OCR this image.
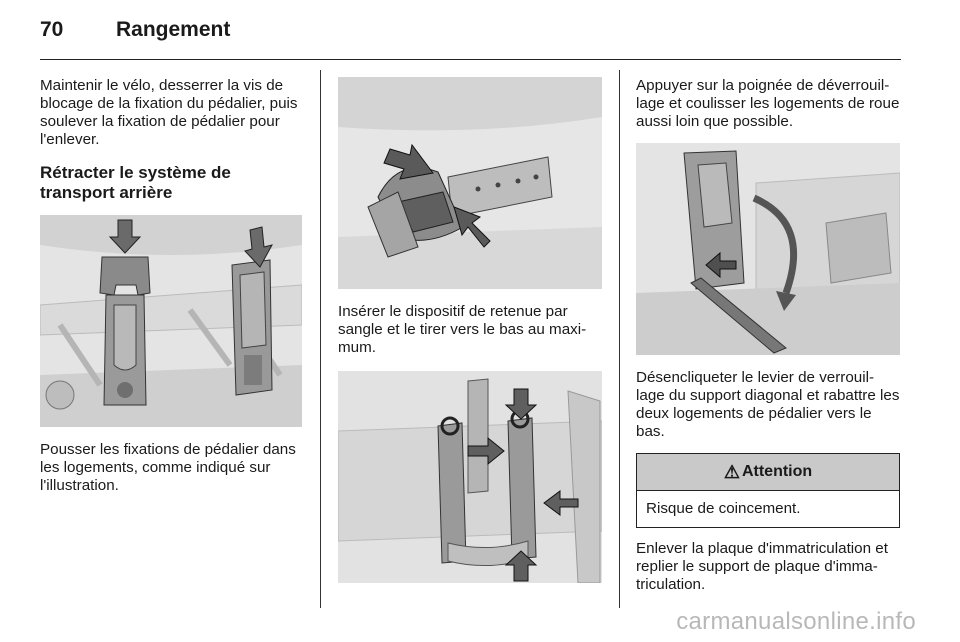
70	Rangement

Maintenir le vélo, desserrer la vis de blocage de la fixation du pédalier, puis soulever la fixation de pédalier pour l'enlever.

Rétracter le système de transport arrière

Pousser les fixations de pédalier dans les logements, comme indiqué sur l'illustration.

Insérer le dispositif de retenue par sangle et le tirer vers le bas au maxi-mum.

Appuyer sur la poignée de déverrouil-lage et coulisser les logements de roue aussi loin que possible.

Désencliqueter le levier de verrouil-lage du support diagonal et rabattre les deux logements de pédalier vers le bas.

⚠ Attention
Risque de coincement.

Enlever la plaque d'immatriculation et replier le support de plaque d'imma-triculation.

carmanualsonline.info
